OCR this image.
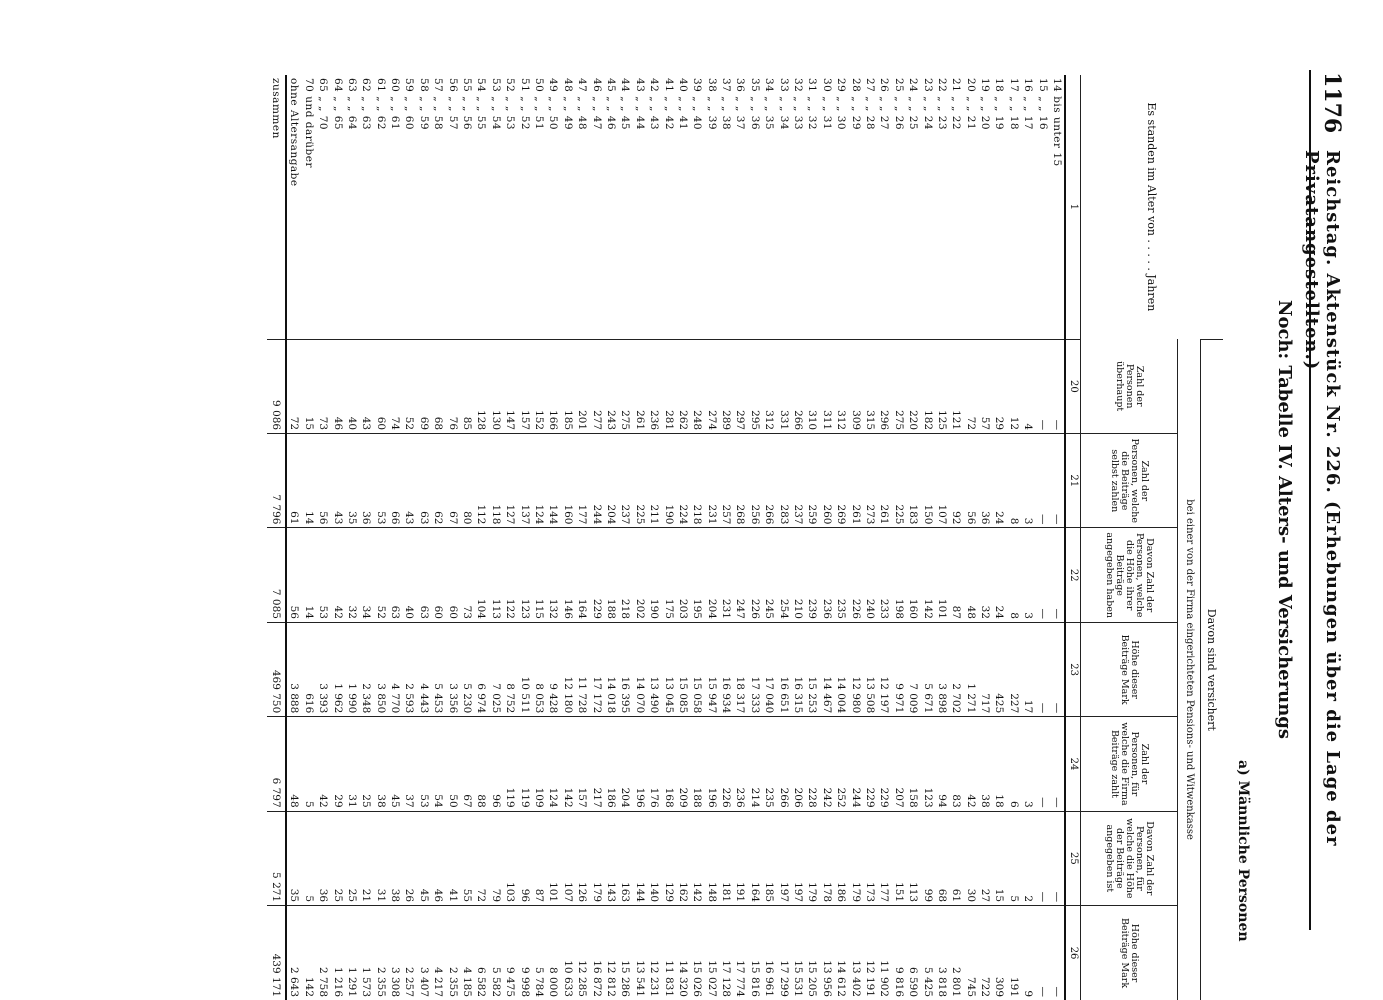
1176
Reichstag. Aktenstück Nr. 226. (Erhebungen über die Lage der Privatangestellten.)
Noch: Tabelle IV. Alters- und Versicherungs
a) Männliche Personen
Es standen im Alter von . . . . . Jahren	Davon sind versichert						
	bei einer von der Firma eingerichteten Pensions- und Witwenkasse						
	Zahl der Personen überhaupt	Zahl der Personen, welche die Beiträge selbst zahlen	Davon Zahl der Personen, welche die Höhe ihrer Beiträge angegeben haben	Höhe dieser Beiträge Mark	Zahl der Personen, für welche die Firma Beiträge zahlt	Davon Zahl der Personen, für welche die Höhe der Beiträge angegeben ist	Höhe dieser Beiträge Mark
1	20	21	22	23	24	25	26
14 bis unter 15	—	—	—	—	—	—	—
15 „ „ 16	—	—	—	—	—	—	—
16 „ „ 17	4	3	3	17	3	2	9
17 „ „ 18	12	8	8	227	6	5	191
18 „ „ 19	29	24	24	425	18	15	309
19 „ „ 20	57	36	32	717	38	27	722
20 „ „ 21	72	56	48	1 271	42	30	745
21 „ „ 22	121	92	87	2 702	83	61	2 801
22 „ „ 23	125	107	101	3 898	94	68	3 818
23 „ „ 24	182	150	142	5 671	123	99	5 425
24 „ „ 25	220	183	160	7 009	158	113	6 590
25 „ „ 26	275	225	198	9 971	207	151	9 816
26 „ „ 27	296	261	233	12 197	229	177	11 902
27 „ „ 28	315	273	240	13 508	229	173	12 191
28 „ „ 29	309	261	226	12 980	244	179	13 402
29 „ „ 30	312	269	235	14 004	252	186	14 612
30 „ „ 31	311	260	236	14 467	242	178	13 956
31 „ „ 32	310	259	239	15 253	228	179	15 205
32 „ „ 33	266	237	210	16 315	206	197	15 531
33 „ „ 34	331	283	254	16 651	266	197	17 299
34 „ „ 35	312	266	245	17 040	235	185	16 961
35 „ „ 36	295	256	226	17 333	214	164	15 816
36 „ „ 37	297	268	247	18 317	236	191	17 774
37 „ „ 38	289	257	231	16 934	226	181	17 128
38 „ „ 39	274	231	204	15 947	196	148	15 027
39 „ „ 40	248	218	195	15 058	188	142	15 026
40 „ „ 41	262	224	203	15 085	209	162	14 320
41 „ „ 42	281	190	175	13 045	168	129	11 831
42 „ „ 43	236	211	190	13 490	176	140	12 231
43 „ „ 44	261	225	202	14 070	196	144	13 541
44 „ „ 45	275	237	218	16 395	204	163	15 286
45 „ „ 46	243	204	188	14 018	186	143	12 812
46 „ „ 47	277	244	229	17 172	217	179	16 872
47 „ „ 48	201	177	164	11 728	157	126	12 285
48 „ „ 49	185	160	146	12 180	142	107	10 633
49 „ „ 50	166	144	132	9 428	124	101	8 000
50 „ „ 51	152	124	115	8 053	109	87	5 784
51 „ „ 52	157	137	123	10 511	119	96	9 998
52 „ „ 53	147	127	122	8 752	119	103	9 475
53 „ „ 54	130	118	113	7 025	96	79	5 582
54 „ „ 55	128	112	104	6 974	88	72	6 582
55 „ „ 56	85	80	73	5 230	67	55	4 185
56 „ „ 57	76	67	60	3 356	50	41	2 355
57 „ „ 58	68	62	60	5 453	54	46	4 217
58 „ „ 59	69	63	63	4 443	53	45	3 407
59 „ „ 60	52	43	40	2 593	37	26	2 257
60 „ „ 61	74	66	63	4 770	45	38	3 308
61 „ „ 62	60	53	52	3 850	38	31	2 355
62 „ „ 63	43	36	34	2 348	25	21	1 573
63 „ „ 64	40	35	32	1 990	31	25	1 291
64 „ „ 65	46	43	42	1 962	29	25	1 216
65 „ „ 70	73	56	53	3 393	42	36	2 758
70 und darüber	15	14	14	616	5	5	142
ohne Altersangabe	72	61	56	3 888	48	35	2 643
zusammen	9 086	7 796	7 085	469 750	6 797	5 271	439 171
